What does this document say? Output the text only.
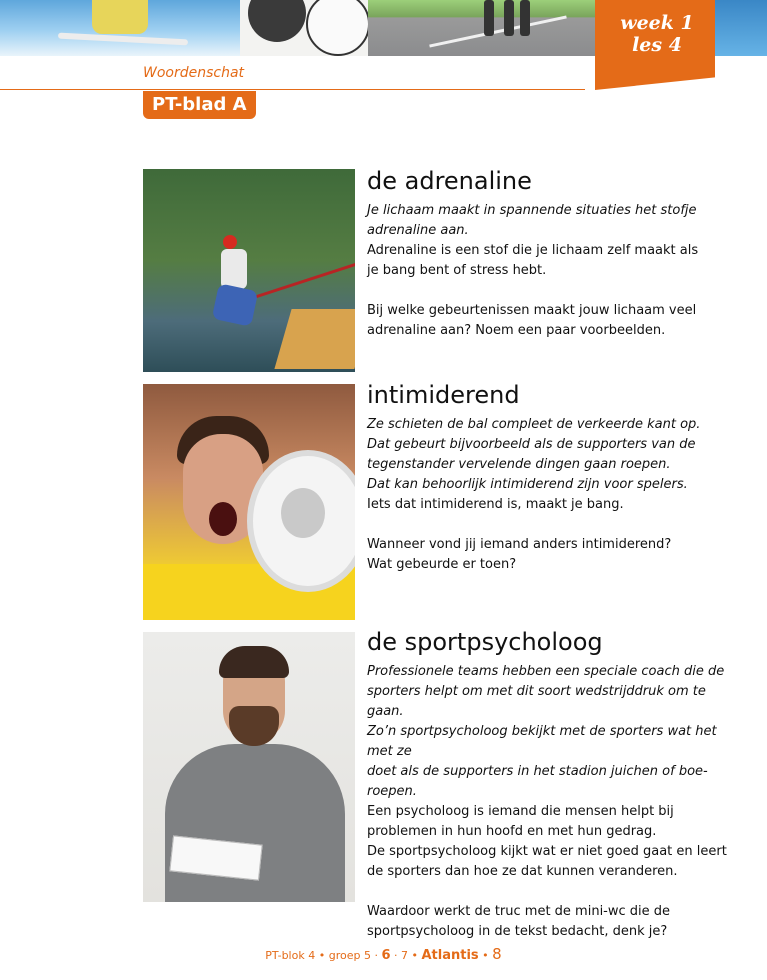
week 1
les 4
Woordenschat
PT-blad A
de adrenaline

Je lichaam maakt in spannende situaties het stofje

adrenaline aan.

Adrenaline is een stof die je lichaam zelf maakt als

je bang bent of stress hebt.

Bij welke gebeurtenissen maakt jouw lichaam veel

adrenaline aan? Noem een paar voorbeelden.

intimiderend

Ze schieten de bal compleet de verkeerde kant op.

Dat gebeurt bijvoorbeeld als de supporters van de

tegenstander vervelende dingen gaan roepen.

Dat kan behoorlijk intimiderend zijn voor spelers.

Iets dat intimiderend is, maakt je bang.

Wanneer vond jij iemand anders intimiderend?

Wat gebeurde er toen?

de sportpsycholoog

Professionele teams hebben een speciale coach die de

sporters helpt om met dit soort wedstrijddruk om te gaan.

Zo’n sportpsycholoog bekijkt met de sporters wat het met ze

doet als de supporters in het stadion juichen of boe-roepen.

Een psycholoog is iemand die mensen helpt bij

problemen in hun hoofd en met hun gedrag.

De sportpsycholoog kijkt wat er niet goed gaat en leert

de sporters dan hoe ze dat kunnen veranderen.

Waardoor werkt de truc met de mini-wc die de

sportpsycholoog in de tekst bedacht, denk je?

PT-blok 4 • groep 5 · 6 · 7 • Atlantis • 8
